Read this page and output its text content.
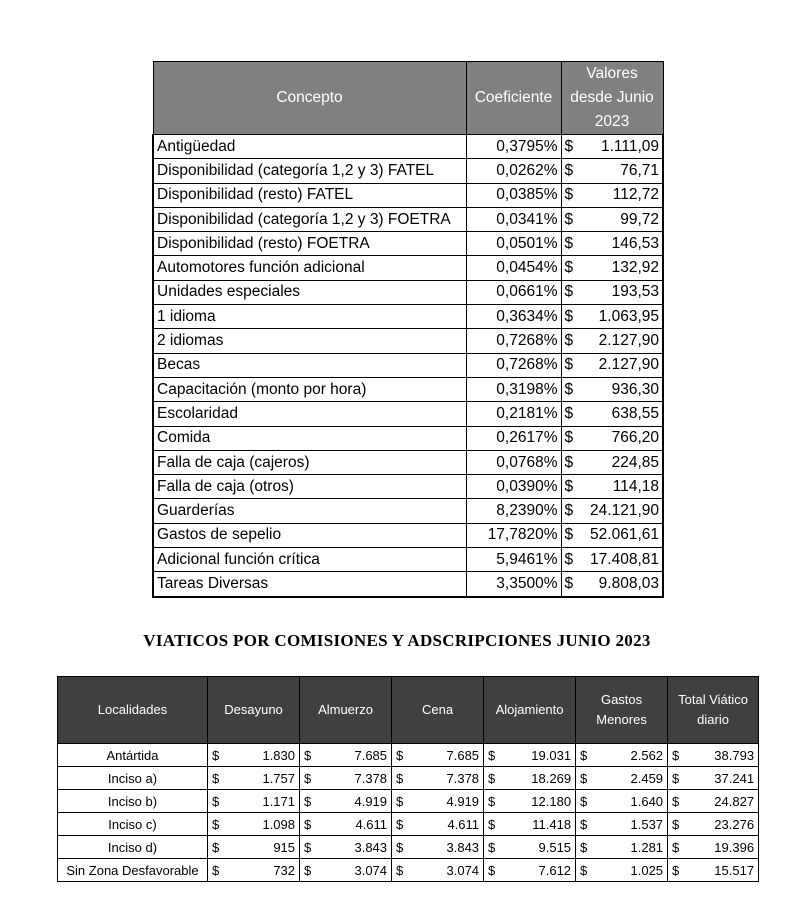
Concepto	Coeficiente	Valores desde Junio 2023	
Antigüedad	0,3795%	$	1.111,09
Disponibilidad (categoría 1,2 y 3) FATEL	0,0262%	$	76,71
Disponibilidad (resto) FATEL	0,0385%	$	112,72
Disponibilidad (categoría 1,2 y 3) FOETRA	0,0341%	$	99,72
Disponibilidad (resto) FOETRA	0,0501%	$	146,53
Automotores función adicional	0,0454%	$	132,92
Unidades especiales	0,0661%	$	193,53
1 idioma	0,3634%	$	1.063,95
2 idiomas	0,7268%	$	2.127,90
Becas	0,7268%	$	2.127,90
Capacitación (monto por hora)	0,3198%	$	936,30
Escolaridad	0,2181%	$	638,55
Comida	0,2617%	$	766,20
Falla de caja (cajeros)	0,0768%	$	224,85
Falla de caja (otros)	0,0390%	$	114,18
Guarderías	8,2390%	$	24.121,90
Gastos de sepelio	17,7820%	$	52.061,61
Adicional función crítica	5,9461%	$	17.408,81
Tareas Diversas	3,3500%	$	9.808,03
VIATICOS POR COMISIONES Y ADSCRIPCIONES JUNIO 2023
Localidades	Desayuno		Almuerzo		Cena		Alojamiento		Gastos Menores		Total Viático diario	
Antártida	$	1.830	$	7.685	$	7.685	$	19.031	$	2.562	$	38.793
Inciso a)	$	1.757	$	7.378	$	7.378	$	18.269	$	2.459	$	37.241
Inciso b)	$	1.171	$	4.919	$	4.919	$	12.180	$	1.640	$	24.827
Inciso c)	$	1.098	$	4.611	$	4.611	$	11.418	$	1.537	$	23.276
Inciso d)	$	915	$	3.843	$	3.843	$	9.515	$	1.281	$	19.396
Sin Zona Desfavorable	$	732	$	3.074	$	3.074	$	7.612	$	1.025	$	15.517
